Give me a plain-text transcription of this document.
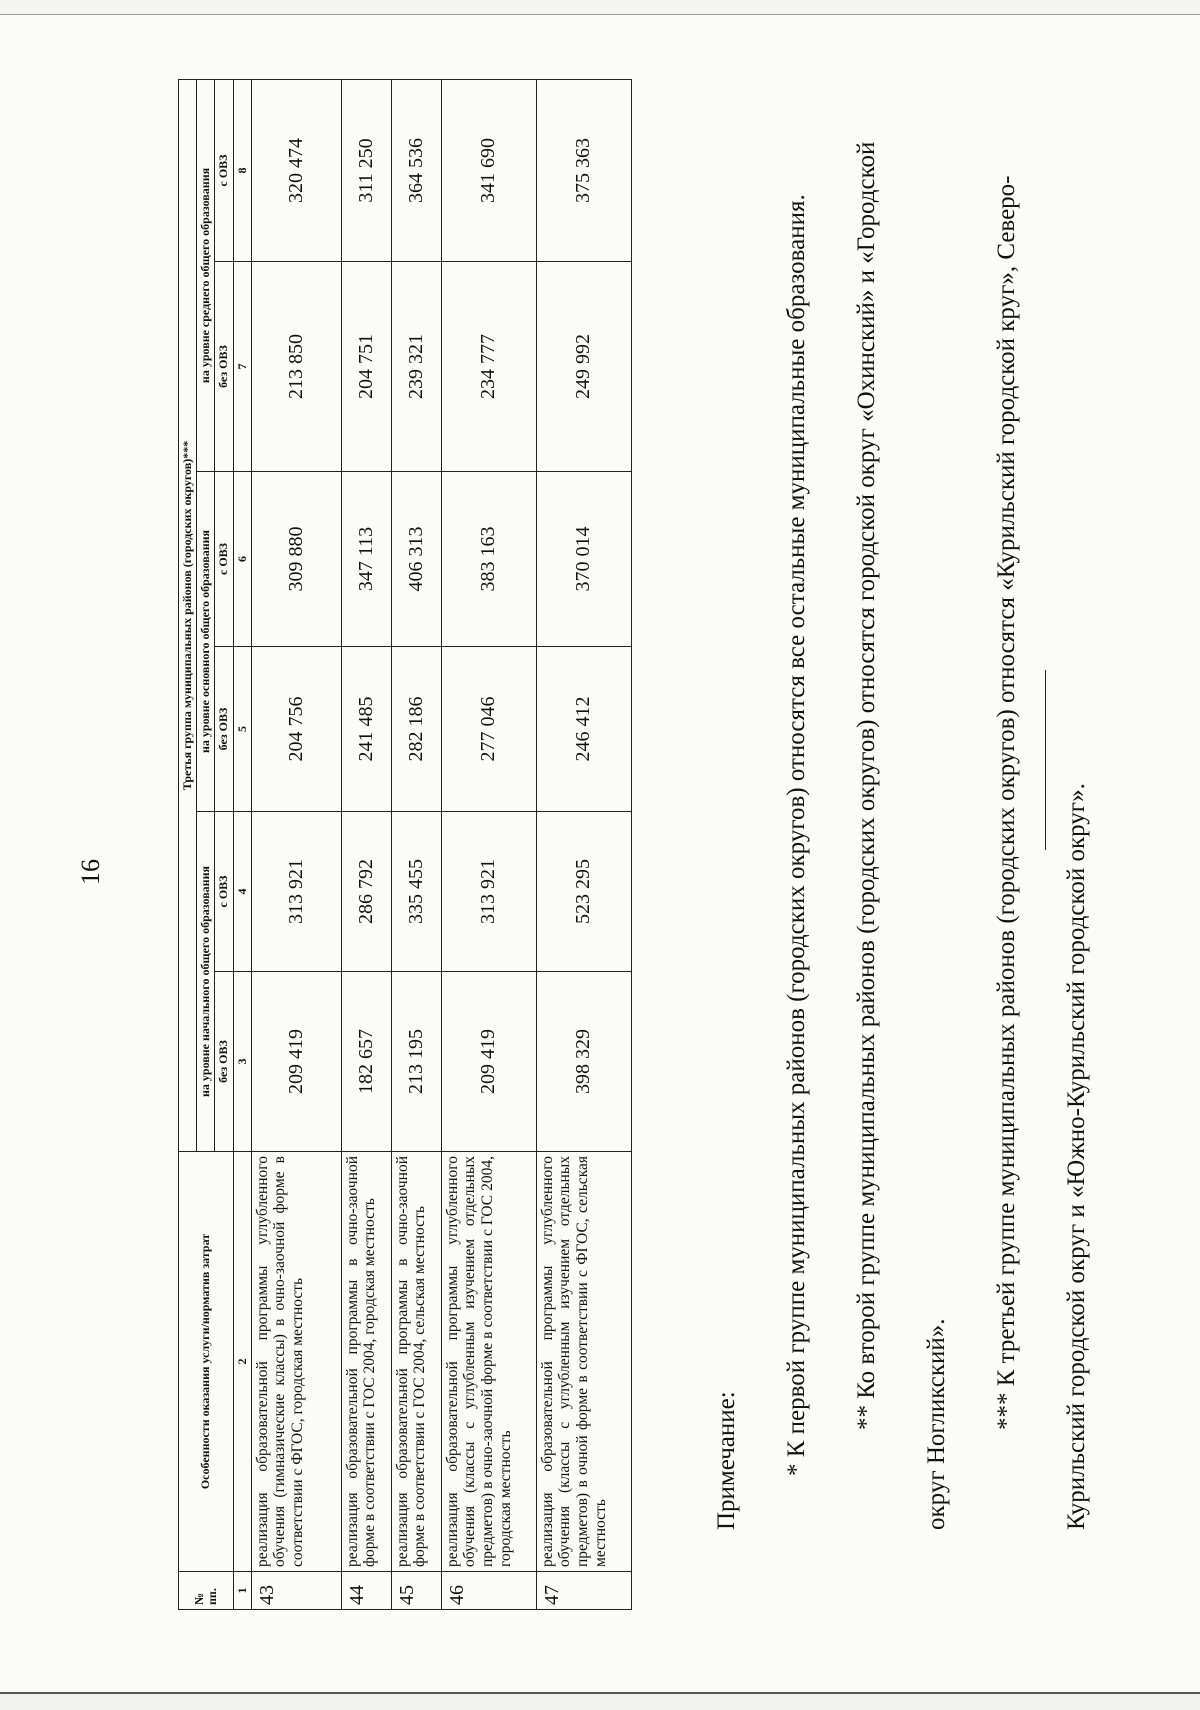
16
№ пп.	Особенности оказания услуги/норматив затрат	Третья группа муниципальных районов (городских округов)***					
		на уровне начального общего образования		на уровне основного общего образования		на уровне среднего общего образования	
		без ОВЗ	с ОВЗ	без ОВЗ	с ОВЗ	без ОВЗ	с ОВЗ
1	2	3	4	5	6	7	8
43	реализация образовательной программы углубленного обучения (гимназические классы) в очно-заочной форме в соответствии с ФГОС, городская местность	209 419	313 921	204 756	309 880	213 850	320 474
44	реализация образовательной программы в очно-заочной форме в соответствии с ГОС 2004, городская местность	182 657	286 792	241 485	347 113	204 751	311 250
45	реализация образовательной программы в очно-заочной форме в соответствии с ГОС 2004, сельская местность	213 195	335 455	282 186	406 313	239 321	364 536
46	реализация образовательной программы углубленного обучения (классы с углубленным изучением отдельных предметов) в очно-заочной форме в соответствии с ГОС 2004, городская местность	209 419	313 921	277 046	383 163	234 777	341 690
47	реализация образовательной программы углубленного обучения (классы с углубленным изучением отдельных предметов) в очной форме в соответствии с ФГОС, сельская местность	398 329	523 295	246 412	370 014	249 992	375 363

Примечание:	* К первой группе муниципальных районов (городских округов) относятся все остальные муниципальные образования.	** Ко второй группе муниципальных районов (городских округов) относятся городской округ «Охинский» и «Городской округ Ногликский».	*** К третьей группе муниципальных районов (городских округов) относятся «Курильский городской круг», Северо-Курильский городской округ и «Южно-Курильский городской округ».
